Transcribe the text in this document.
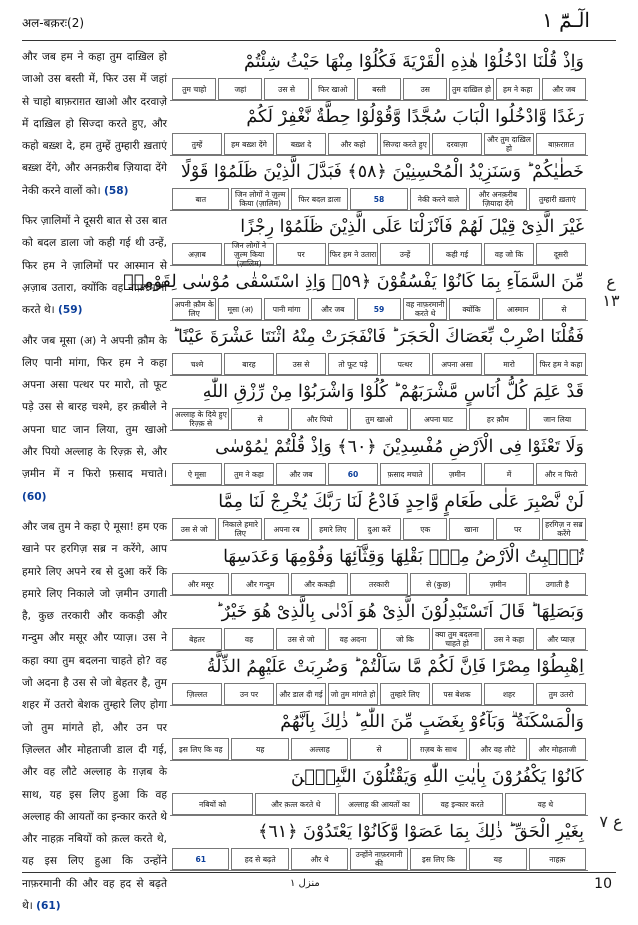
अल-बक़रः(2)	الٓـمّٓ ١

और जब हम ने कहा तुम दाख़िल हो जाओ उस बस्ती में, फिर उस में जहां से चाहो बाफ़राग़त खाओ और दरवाज़े में दाख़िल हो सिज्दा करते हुए, और कहो बख़्श दे, हम तुम्हें तुम्हारी ख़ताएं बख़्श देंगे, और अनक़रीब ज़ियादा देंगे नेकी करने वालों को। (58)

फिर ज़ालिमों ने दूसरी बात से उस बात को बदल डाला जो कही गई थी उन्हें, फिर हम ने ज़ालिमों पर आस्मान से अ़ज़ाब उतारा, क्योंकि वह नाफ़रमानी करते थे। (59)

और जब मूसा (अ) ने अपनी क़ौम के लिए पानी मांगा, फिर हम ने कहा अपना असा पत्थर पर मारो, तो फूट पड़े उस से बारह चश्मे, हर क़बीले ने अपना घाट जान लिया, तुम खाओ और पियो अल्लाह के रिज़्क़ से, और ज़मीन में न फिरो फ़साद मचाते। (60)

और जब तुम ने कहा ऐ मूसा! हम एक खाने पर हरगिज़ सब्र न करेंगे, आप हमारे लिए अपने रब से दुआ करें कि हमारे लिए निकाले जो ज़मीन उगाती है, कुछ तरकारी और ककड़ी और गन्दुम और मसूर और प्याज़। उस ने कहा क्या तुम बदलना चाहते हो? वह जो अदना है उस से जो बेहतर है, तुम शहर में उतरो बेशक तुम्हारे लिए होगा जो तुम मांगते हो, और उन पर ज़िल्लत और मोहताजी डाल दी गई, और वह लौटे अल्लाह के ग़ज़ब के साथ, यह इस लिए हुआ कि वह अल्लाह की आयतों का इन्कार करते थे और नाहक़ नबियों को क़त्ल करते थे, यह इस लिए हुआ कि उन्होंने नाफ़रमानी की और वह हद से बढ़ते थे। (61)

وَاِذْ قُلْنَا ادْخُلُوْا هٰذِهِ الْقَرْيَةَ فَكُلُوْا مِنْهَا حَيْثُ شِئْتُمْ
और जब
हम ने कहा
तुम दाख़िल हो
उस
बस्ती
फिर खाओ
उस से
जहां
तुम चाहो
رَغَدًا وَّادْخُلُوا الْبَابَ سُجَّدًا وَّقُوْلُوْا حِطَّةٌ نَّغْفِرْ لَكُمْ
बाफ़राग़त
और तुम दाख़िल हो
दरवाज़ा
सिज्दा करते हुए
और कहो
बख़्श दे
हम बख़्श देंगे
तुम्हें
خَطٰيٰكُمْ ؕ وَسَنَزِيْدُ الْمُحْسِنِيْنَ ﴿٥٨﴾ فَبَدَّلَ الَّذِيْنَ ظَلَمُوْا قَوْلًا
तुम्हारी ख़ताएं
और अनक़रीब ज़ियादा देंगे
नेकी करने वाले
58
फिर बदल डाला
जिन लोगों ने ज़ुल्म किया (ज़ालिम)
बात
غَيْرَ الَّذِىْ قِيْلَ لَهُمْ فَاَنْزَلْنَا عَلَى الَّذِيْنَ ظَلَمُوْا رِجْزًا
दूसरी
वह जो कि
कही गई
उन्हें
फिर हम ने उतारा
पर
जिन लोगों ने ज़ुल्म किया (ज़ालिम)
अज़ाब
مِّنَ السَّمَآءِ بِمَا كَانُوْا يَفْسُقُوْنَ ﴿٥٩﴾ وَاِذِ اسْتَسْقٰى مُوْسٰى لِقَوْمِهٖ
से
आस्मान
क्योंकि
वह नाफ़रमानी करते थे
59
और जब
पानी मांगा
मूसा (अ)
अपनी क़ौम के लिए
فَقُلْنَا اضْرِبْ بِّعَصَاكَ الْحَجَرَ ؕ فَانْفَجَرَتْ مِنْهُ اثْنَتَا عَشْرَةَ عَيْنًا ؕ
फिर हम ने कहा
मारो
अपना असा
पत्थर
तो फूट पड़े
उस से
बारह
चश्मे
قَدْ عَلِمَ كُلُّ اُنَاسٍ مَّشْرَبَهُمْ ؕ كُلُوْا وَاشْرَبُوْا مِنْ رِّزْقِ اللّٰهِ
जान लिया
हर क़ौम
अपना घाट
तुम खाओ
और पियो
से
अल्लाह के दिये हुए रिज़्क़ से
وَلَا تَعْثَوْا فِى الْاَرْضِ مُفْسِدِيْنَ ﴿٦٠﴾ وَاِذْ قُلْتُمْ يٰمُوْسٰى
और न फिरो
में
ज़मीन
फ़साद मचाते
60
और जब
तुम ने कहा
ऐ मूसा
لَنْ نَّصْبِرَ عَلٰى طَعَامٍ وَّاحِدٍ فَادْعُ لَنَا رَبَّكَ يُخْرِجْ لَنَا مِمَّا
हरगिज़ न सब्र करेंगे
पर
खाना
एक
दुआ करें
हमारे लिए
अपना रब
निकाले हमारे लिए
उस से जो
تُنْۢبِتُ الْاَرْضُ مِنْۢ بَقْلِهَا وَقِثَّآئِهَا وَفُوْمِهَا وَعَدَسِهَا
उगाती है
ज़मीन
से (कुछ)
तरकारी
और ककड़ी
और गन्दुम
और मसूर
وَبَصَلِهَا ؕ قَالَ اَتَسْتَبْدِلُوْنَ الَّذِىْ هُوَ اَدْنٰى بِالَّذِىْ هُوَ خَيْرٌ ؕ
और प्याज़
उस ने कहा
क्या तुम बदलना चाहते हो
जो कि
वह अदना
उस से जो
वह
बेहतर
اِهْبِطُوْا مِصْرًا فَاِنَّ لَكُمْ مَّا سَاَلْتُمْ ؕ وَضُرِبَتْ عَلَيْهِمُ الذِّلَّةُ
तुम उतरो
शहर
पस बेशक
तुम्हारे लिए
जो तुम मांगते हो
और डाल दी गई
उन पर
ज़िल्लत
وَالْمَسْكَنَةُ ۗ وَبَآءُوْ بِغَضَبٍ مِّنَ اللّٰهِ ؕ ذٰلِكَ بِاَنَّهُمْ
और मोहताजी
और वह लौटे
ग़ज़ब के साथ
से
अल्लाह
यह
इस लिए कि वह
كَانُوْا يَكْفُرُوْنَ بِاٰيٰتِ اللّٰهِ وَيَقْتُلُوْنَ النَّبِيّٖنَ
वह थे
वह इन्कार करते
अल्लाह की आयतों का
और क़त्ल करते थे
नबियों को
بِغَيْرِ الْحَقِّ ؕ ذٰلِكَ بِمَا عَصَوْا وَّكَانُوْا يَعْتَدُوْنَ ﴿٦١﴾
नाहक़
यह
इस लिए कि
उन्होंने नाफ़रमानी की
और थे
हद से बढ़ते
61
ع ١٣
ع ٧
منزل ١	10
